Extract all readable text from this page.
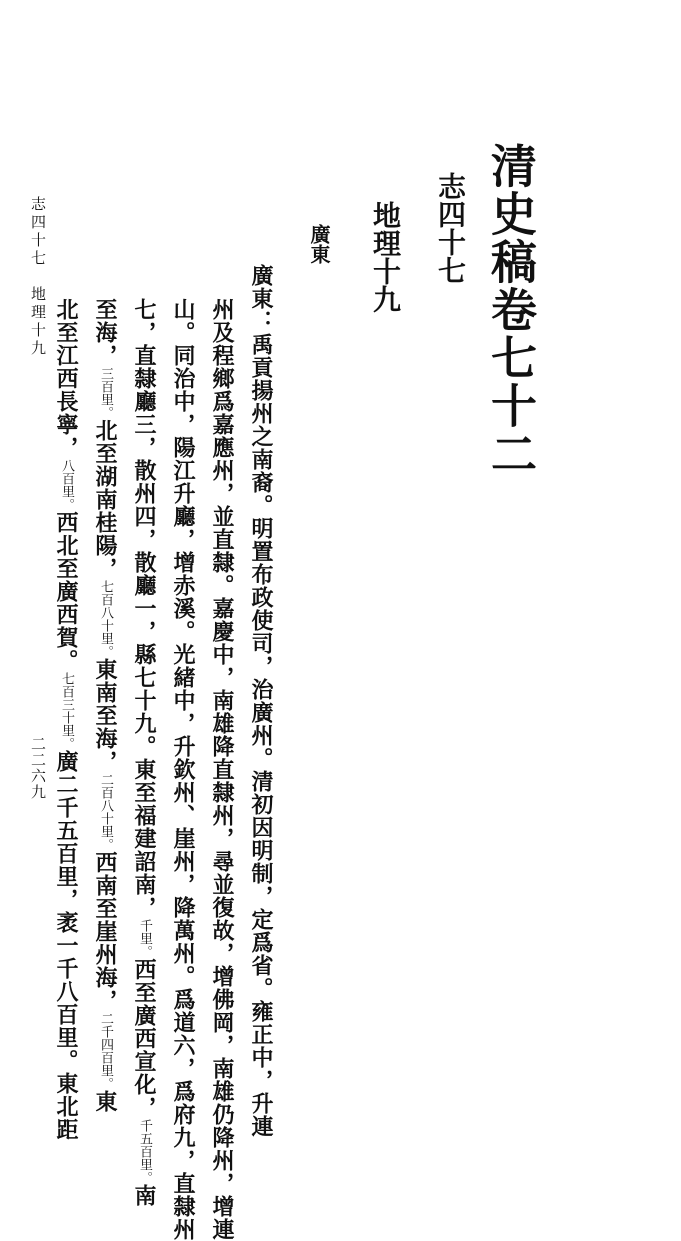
清史稿卷七十二
志四十七
地理十九
廣東
廣東：禹貢揚州之南裔。明置布政使司，治廣州。清初因明制，定爲省。雍正中，升連
州及程鄉爲嘉應州，並直隸。嘉慶中，南雄降直隸州，尋並復故，增佛岡，南雄仍降州，增連
山。同治中，陽江升廳，增赤溪。光緒中，升欽州、崖州，降萬州。爲道六，爲府九，直隸州
七，直隸廳三，散州四，散廳一，縣七十九。東至福建詔南，千里。西至廣西宣化，千五百里。南
至海，三百里。北至湖南桂陽，七百八十里。東南至海，二百八十里。西南至崖州海，二千四百里。東
北至江西長寧，八百里。西北至廣西賀。七百三十里。廣二千五百里，袤一千八百里。東北距
志四十七　地理十九
二二六九
